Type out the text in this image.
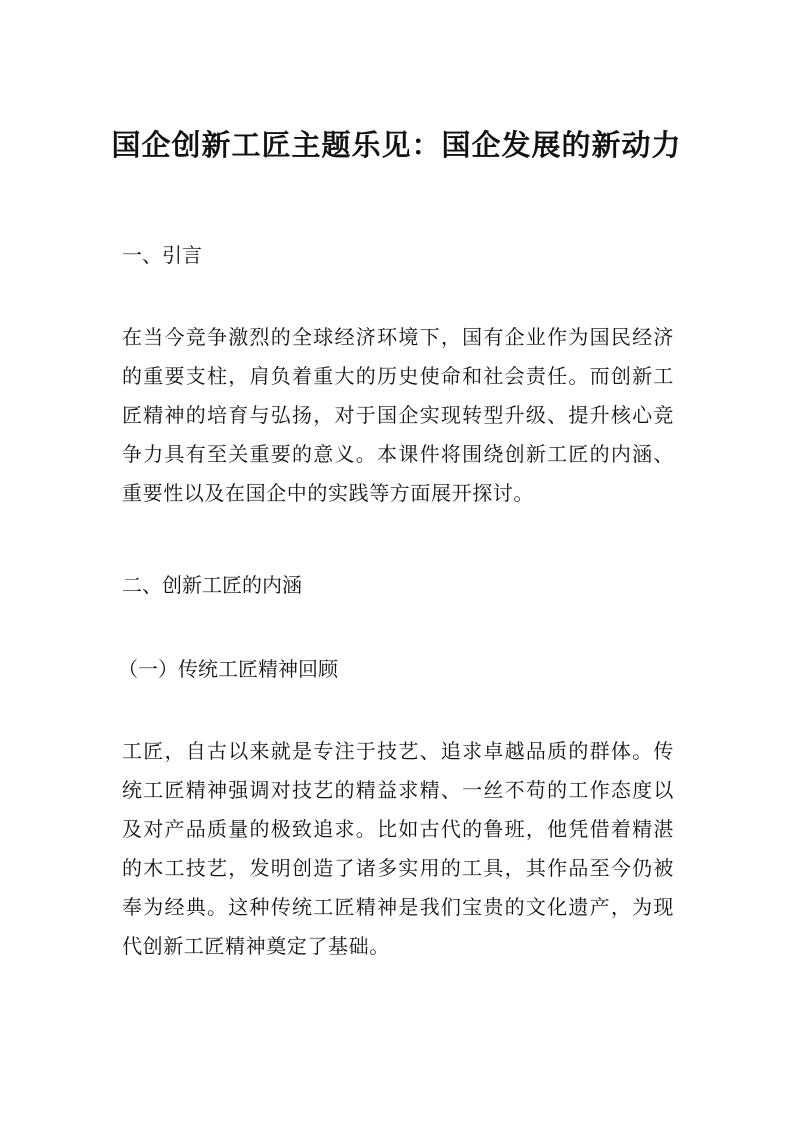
国企创新工匠主题乐见：国企发展的新动力
一、引言
在当今竞争激烈的全球经济环境下，国有企业作为国民经济的重要支柱，肩负着重大的历史使命和社会责任。而创新工匠精神的培育与弘扬，对于国企实现转型升级、提升核心竞争力具有至关重要的意义。本课件将围绕创新工匠的内涵、重要性以及在国企中的实践等方面展开探讨。
二、创新工匠的内涵
（一）传统工匠精神回顾
工匠，自古以来就是专注于技艺、追求卓越品质的群体。传统工匠精神强调对技艺的精益求精、一丝不苟的工作态度以及对产品质量的极致追求。比如古代的鲁班，他凭借着精湛的木工技艺，发明创造了诸多实用的工具，其作品至今仍被奉为经典。这种传统工匠精神是我们宝贵的文化遗产，为现代创新工匠精神奠定了基础。
